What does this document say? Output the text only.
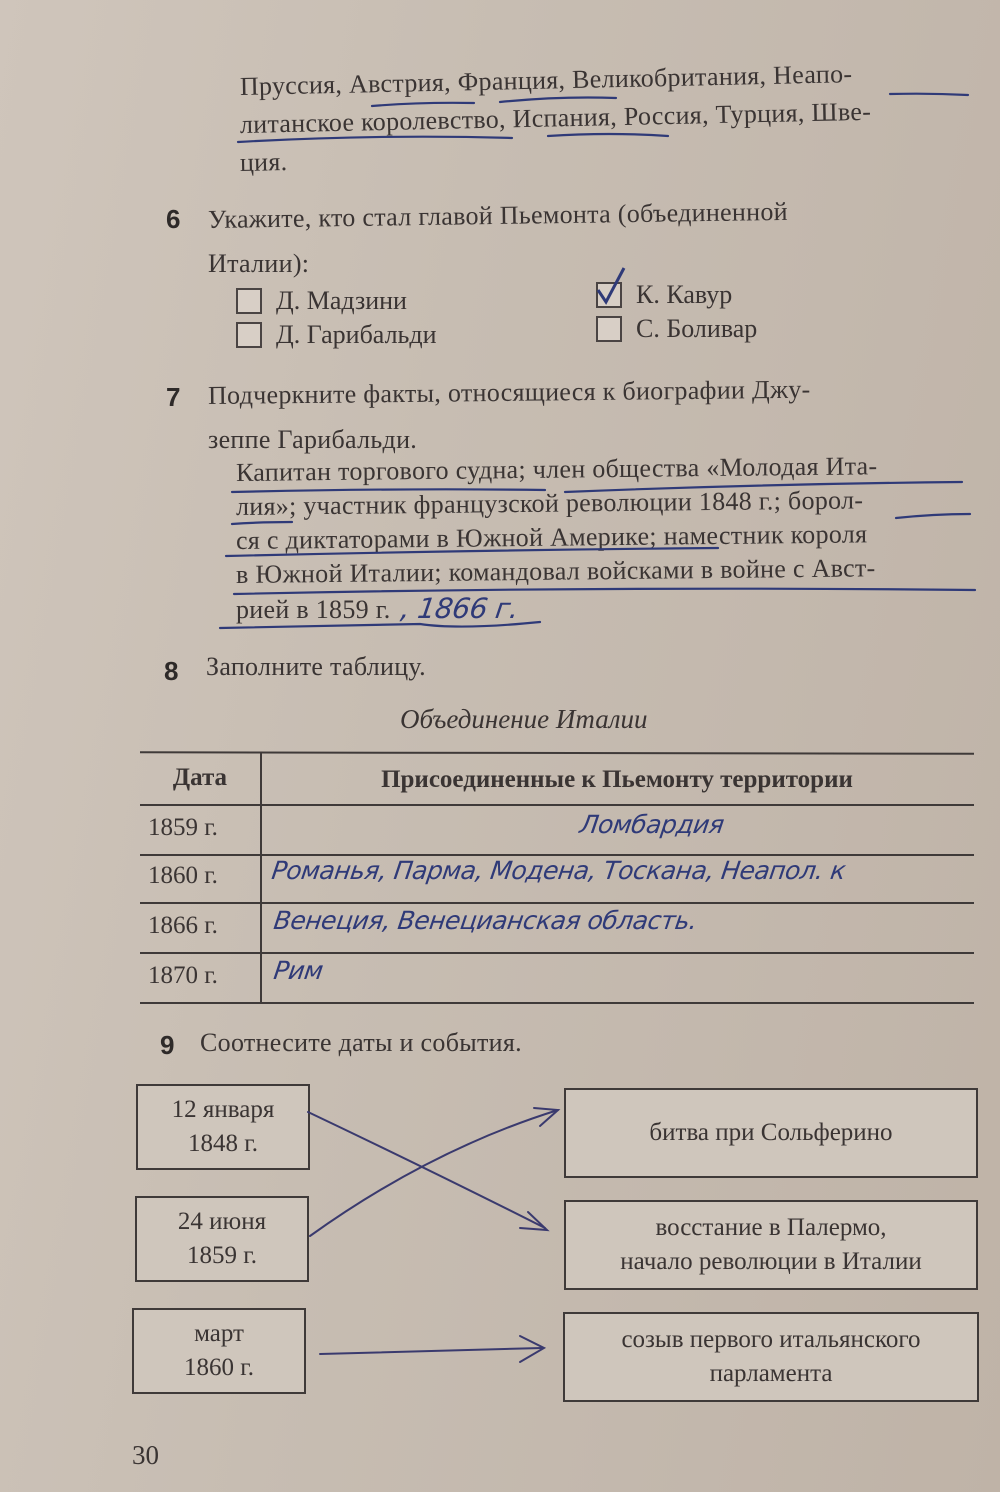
Пруссия, Австрия, Франция, Великобритания, Неапо-
литанское королевство, Испания, Россия, Турция, Шве-
ция.
6 Укажите, кто стал главой Пьемонта (объединенной
Италии):
Д. Мадзини
Д. Гарибальди
К. Кавур
С. Боливар
7 Подчеркните факты, относящиеся к биографии Джу-
зеппе Гарибальди.
Капитан торгового судна; член общества «Молодая Ита-
лия»; участник французской революции 1848 г.; борол-
ся с диктаторами в Южной Америке; наместник короля
в Южной Италии; командовал войсками в войне с Авст-
рией в 1859 г. , 1866 г.
8 Заполните таблицу.
Объединение Италии
Дата	Присоединенные к Пьемонту территории
1859 г.	Ломбардия
1860 г. Романья, Парма, Модена, Тоскана, Неапол. к
1866 г. Венеция, Венецианская область.
1870 г. Рим
9 Соотнесите даты и события.
12 января
1848 г.
24 июня
1859 г.
март
1860 г.
битва при Сольферино
восстание в Палермо,
начало революции в Италии
созыв первого итальянского
парламента
30
